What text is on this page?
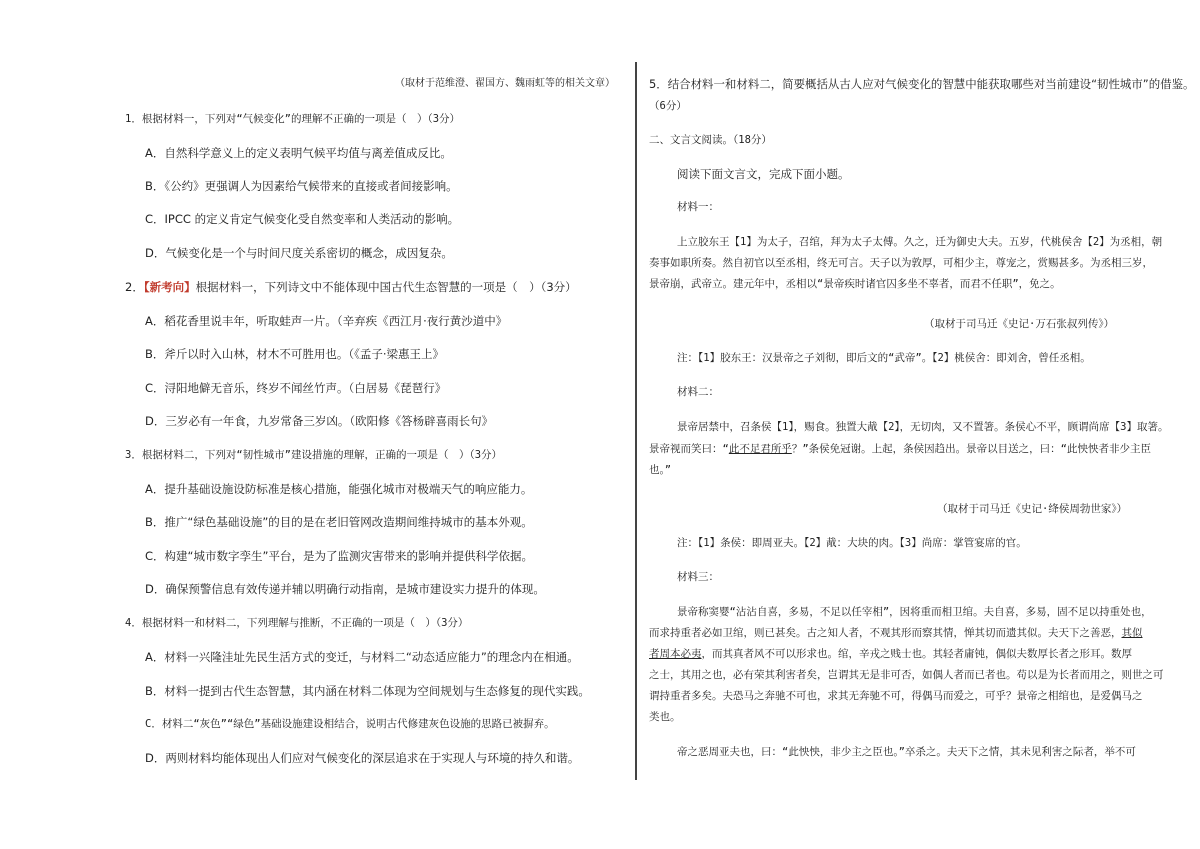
（取材于范维澄、翟国方、魏雨虹等的相关文章）
1．根据材料一，下列对“气候变化”的理解不正确的一项是（　）（3分）
A．自然科学意义上的定义表明气候平均值与离差值成反比。
B．《公约》更强调人为因素给气候带来的直接或者间接影响。
C．IPCC 的定义肯定气候变化受自然变率和人类活动的影响。
D．气候变化是一个与时间尺度关系密切的概念，成因复杂。
2．【新考向】根据材料一，下列诗文中不能体现中国古代生态智慧的一项是（　）（3分）
A．稻花香里说丰年，听取蛙声一片。（辛弃疾《西江月·夜行黄沙道中》
B．斧斤以时入山林，材木不可胜用也。（《孟子·梁惠王上》
C．浔阳地僻无音乐，终岁不闻丝竹声。（白居易《琵琶行》
D．三岁必有一年食，九岁常备三岁凶。（欧阳修《答杨辟喜雨长句》
3．根据材料二，下列对“韧性城市”建设措施的理解，正确的一项是（　）（3分）
A．提升基础设施设防标准是核心措施，能强化城市对极端天气的响应能力。
B．推广“绿色基础设施”的目的是在老旧管网改造期间维持城市的基本外观。
C．构建“城市数字孪生”平台，是为了监测灾害带来的影响并提供科学依据。
D．确保预警信息有效传递并辅以明确行动指南，是城市建设实力提升的体现。
4．根据材料一和材料二，下列理解与推断，不正确的一项是（　）（3分）
A．材料一兴隆洼址先民生活方式的变迁，与材料二“动态适应能力”的理念内在相通。
B．材料一提到古代生态智慧，其内涵在材料二体现为空间规划与生态修复的现代实践。
C．材料二“灰色”“绿色”基础设施建设相结合，说明古代修建灰色设施的思路已被摒弃。
D．两则材料均能体现出人们应对气候变化的深层追求在于实现人与环境的持久和谐。
5．结合材料一和材料二，简要概括从古人应对气候变化的智慧中能获取哪些对当前建设“韧性城市”的借鉴。
（6分）
二、文言文阅读。（18分）
阅读下面文言文，完成下面小题。
材料一：
上立胶东王【1】为太子，召绾，拜为太子太傅。久之，迁为御史大夫。五岁，代桃侯舍【2】为丞相，朝
奏事如职所奏。然自初官以至丞相，终无可言。天子以为敦厚，可相少主，尊宠之，赏赐甚多。为丞相三岁，
景帝崩，武帝立。建元年中，丞相以“景帝疾时诸官囚多坐不辜者，而君不任职”，免之。
（取材于司马迁《史记·万石张叔列传》）
注：【1】胶东王：汉景帝之子刘彻，即后文的“武帝”。【2】桃侯舍：即刘舍，曾任丞相。
材料二：
景帝居禁中，召条侯【1】，赐食。独置大胾【2】，无切肉，又不置箸。条侯心不平，顾谓尚席【3】取箸。
景帝视而笑曰：“此不足君所乎？”条侯免冠谢。上起，条侯因趋出。景帝以目送之，曰：“此怏怏者非少主臣
也。”
（取材于司马迁《史记·绛侯周勃世家》）
注：【1】条侯：即周亚夫。【2】胾：大块的肉。【3】尚席：掌管宴席的官。
材料三：
景帝称窦婴“沾沾自喜，多易，不足以任宰相”，因将重而相卫绾。夫自喜，多易，固不足以持重处也，
而求持重者必如卫绾，则已甚矣。古之知人者，不观其形而察其情，惮其切而遗其似。夫天下之善恶，其似
者周本必夷，而其真者风不可以形求也。绾，辛戎之贱士也。其轻者庸钝，偶似夫数厚长者之形耳。数厚
之士，其用之也，必有荣其利害者矣，岂谓其无是非可否，如偶人者而已者也。苟以是为长者而用之，则世之可
谓持重者多矣。夫恐马之奔驰不可也，求其无奔驰不可，得偶马而爱之，可乎？景帝之相绾也，是爱偶马之
类也。
帝之恶周亚夫也，曰：“此怏怏，非少主之臣也。”卒杀之。夫天下之情，其未见利害之际者，举不可
